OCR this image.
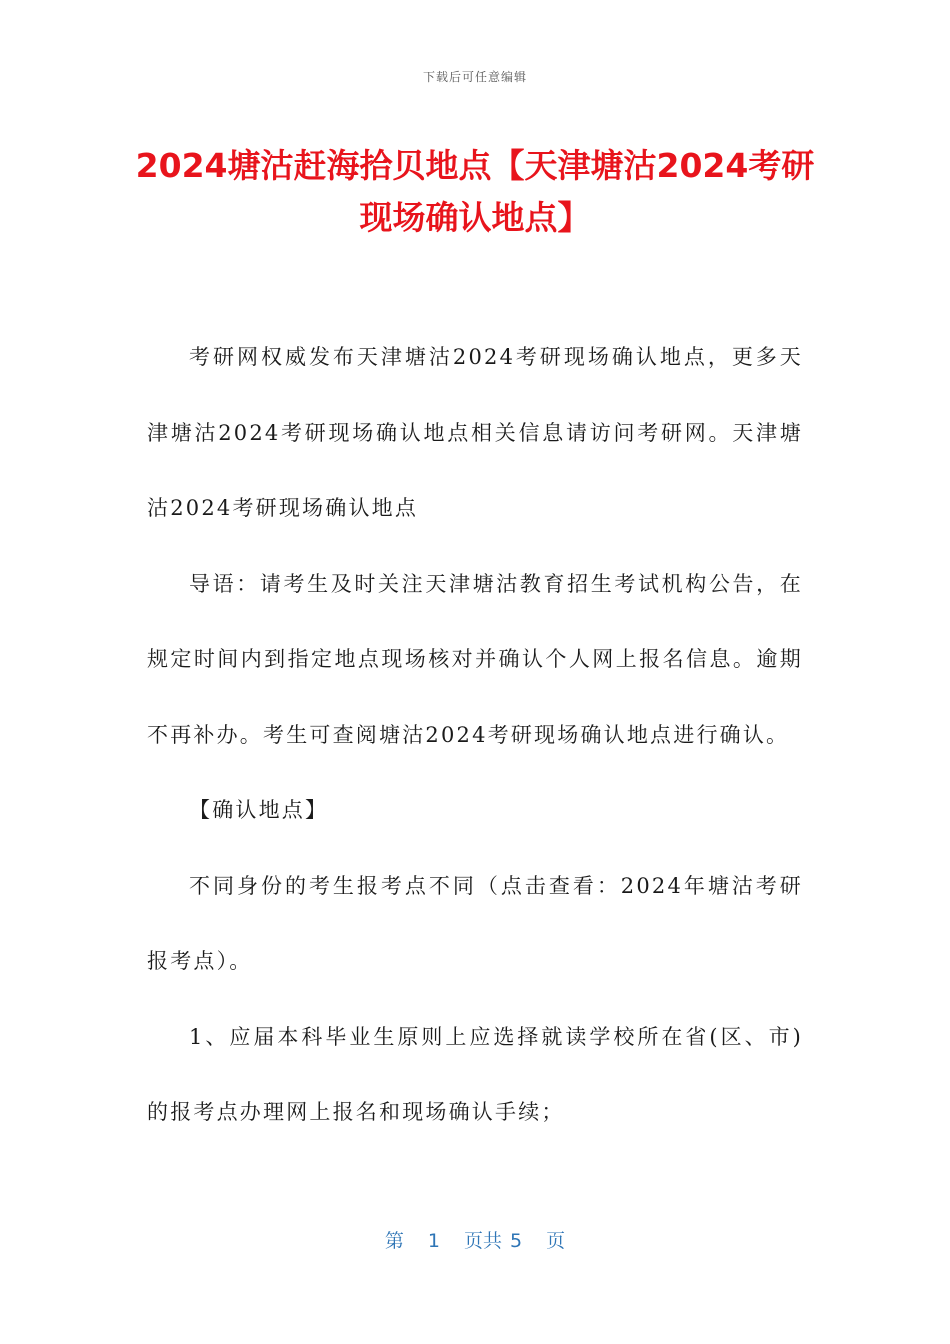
下载后可任意编辑
2024塘沽赶海拾贝地点【天津塘沽2024考研现场确认地点】

考研网权威发布天津塘沽2024考研现场确认地点，更多天津塘沽2024考研现场确认地点相关信息请访问考研网。天津塘沽2024考研现场确认地点

导语：请考生及时关注天津塘沽教育招生考试机构公告，在规定时间内到指定地点现场核对并确认个人网上报名信息。逾期不再补办。考生可查阅塘沽2024考研现场确认地点进行确认。

【确认地点】

不同身份的考生报考点不同（点击查看：2024年塘沽考研报考点）。

1、应届本科毕业生原则上应选择就读学校所在省(区、市)的报考点办理网上报名和现场确认手续；

第 1 页共 5 页
